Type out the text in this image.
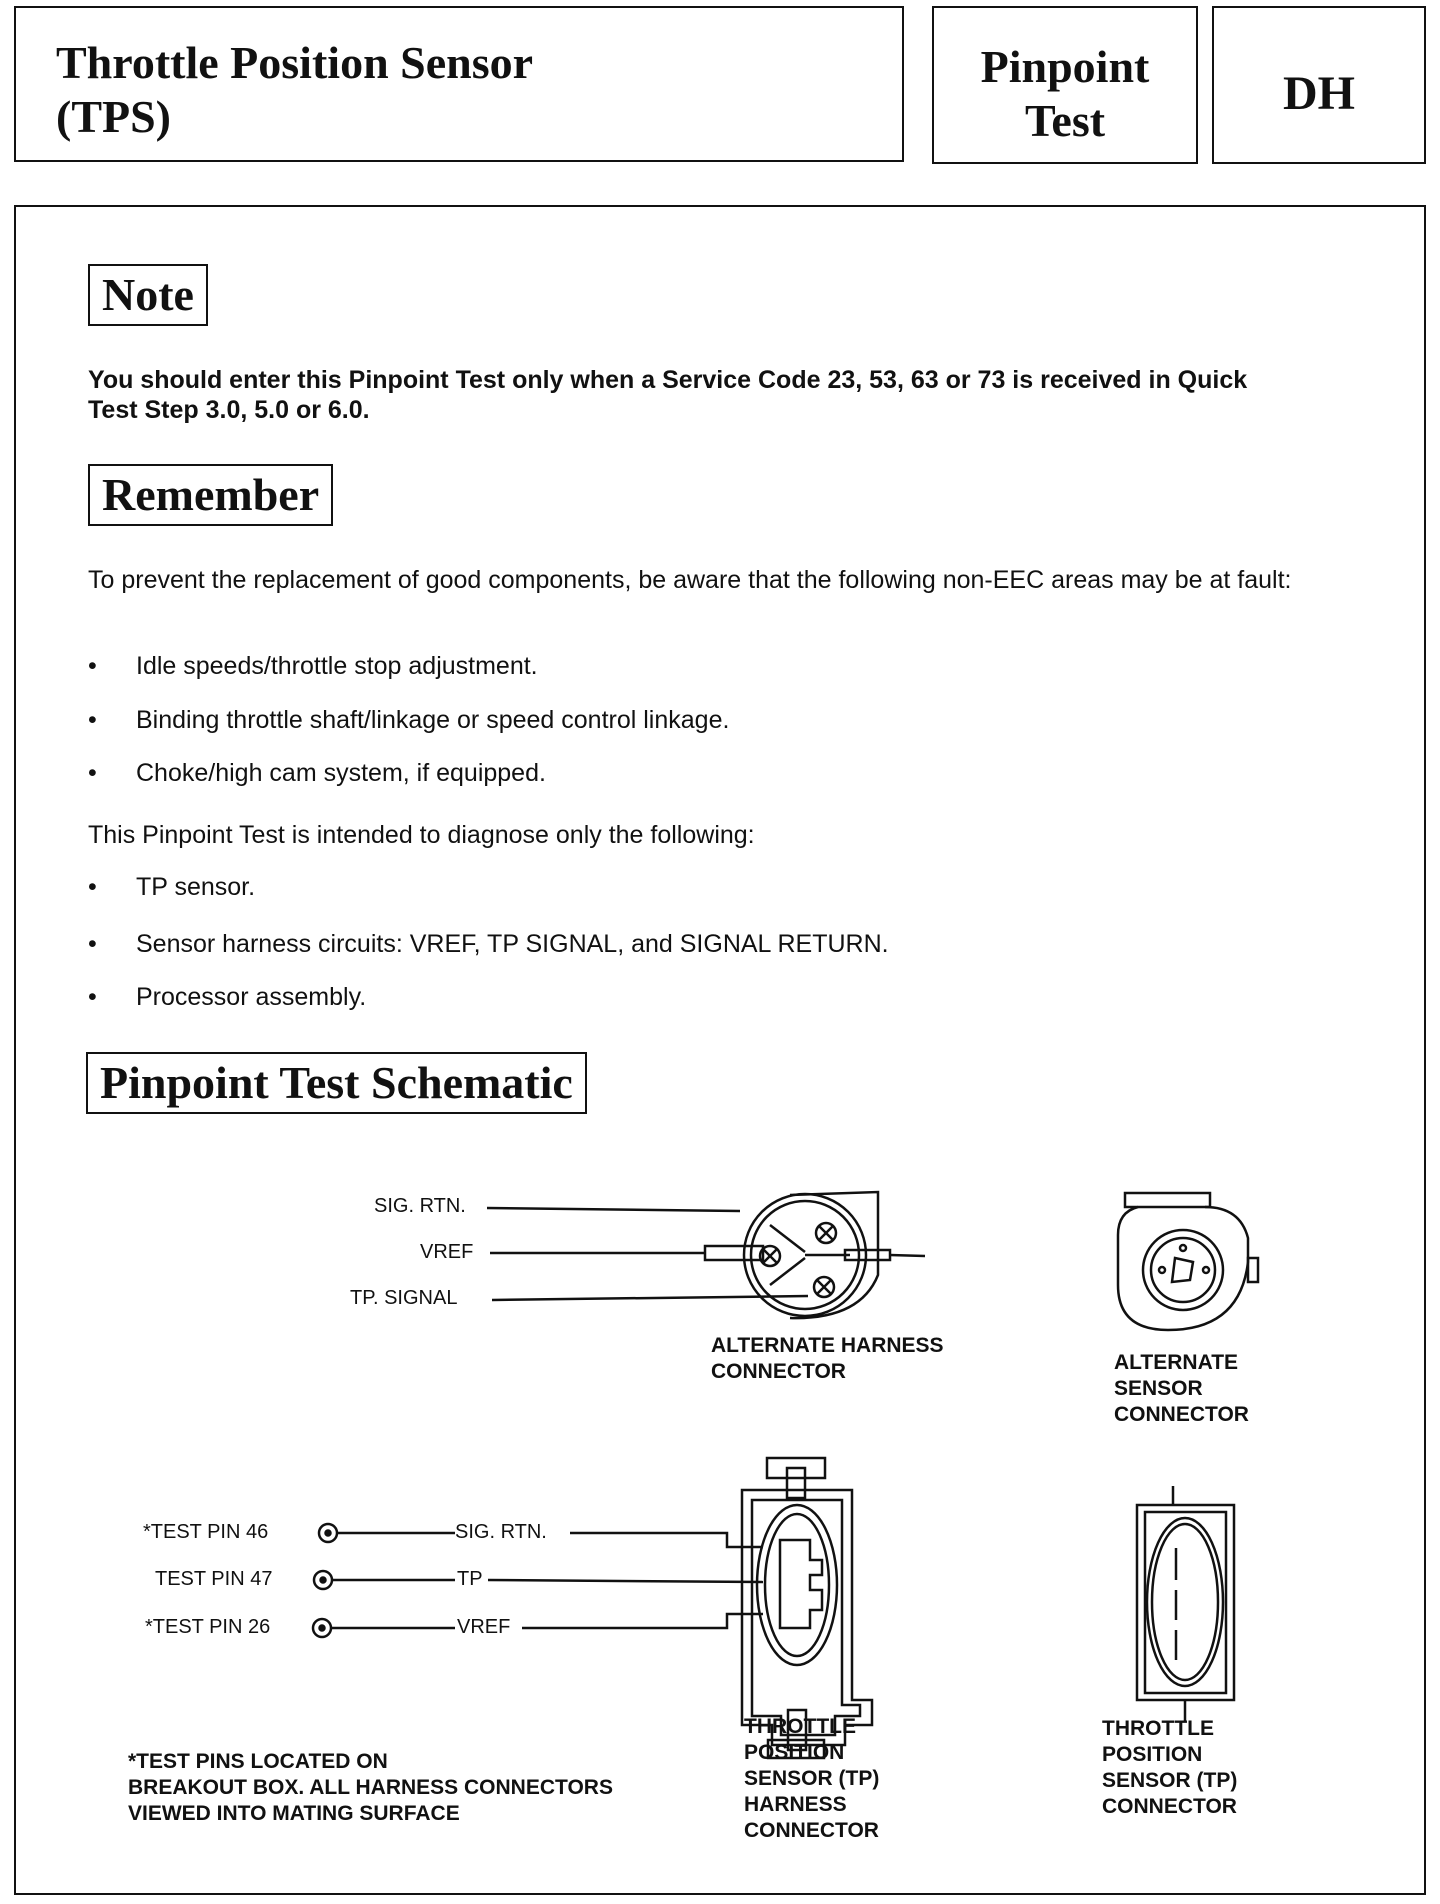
Throttle Position Sensor
(TPS)
Pinpoint
Test
DH
Note
You should enter this Pinpoint Test only when a Service Code 23, 53, 63 or 73 is received in Quick Test Step 3.0, 5.0 or 6.0.
Remember
To prevent the replacement of good components, be aware that the following non-EEC areas may be at fault:
•	Idle speeds/throttle stop adjustment.
•	Binding throttle shaft/linkage or speed control linkage.
•	Choke/high cam system, if equipped.
This Pinpoint Test is intended to diagnose only the following:
•	TP sensor.
•	Sensor harness circuits: VREF, TP SIGNAL, and SIGNAL RETURN.
•	Processor assembly.
Pinpoint Test Schematic
SIG. RTN.
VREF
TP. SIGNAL
ALTERNATE HARNESS
CONNECTOR	ALTERNATE
SENSOR
CONNECTOR
*TEST PIN 46	SIG. RTN.
TEST PIN 47	TP
*TEST PIN 26	VREF
THROTTLE
POSITION
SENSOR (TP)
HARNESS
CONNECTOR
THROTTLE
POSITION
SENSOR (TP)
CONNECTOR
*TEST PINS LOCATED ON
BREAKOUT BOX. ALL HARNESS CONNECTORS
VIEWED INTO MATING SURFACE
